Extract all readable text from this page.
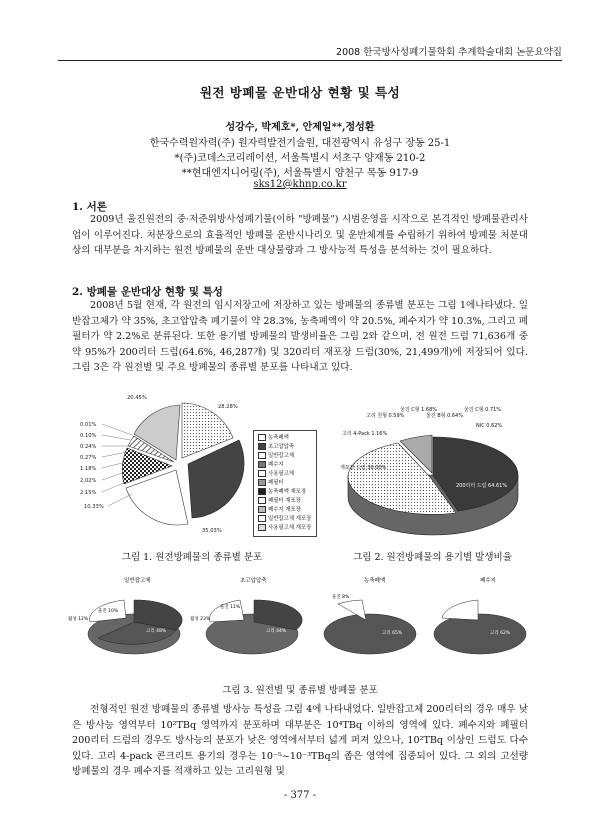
2008 한국방사성폐기물학회 추계학술대회 논문요약집
원전 방폐물 운반대상 현황 및 특성
성강수, 박제호*, 안제일**,정성환
한국수력원자력(주) 원자력발전기술원, 대전광역시 유성구 장동 25-1
*(주)코데스코리레이션, 서울특별시 서초구 양재동 210-2
**현대엔지니어링(주), 서울특별시 양천구 목동 917-9
sks12@khnp.co.kr
1. 서론

2009년 울진원전의 중·저준위방사성폐기물(이하 "방폐물") 시범운영을 시작으로 본격적인 방폐물관리사업이 이루어진다. 처분장으로의 효율적인 방폐물 운반시나리오 및 운반체계를 수립하기 위하여 방폐물 처분대상의 대부분을 차지하는 원전 방폐물의 운반 대상물량과 그 방사능적 특성을 분석하는 것이 필요하다.

2. 방폐물 운반대상 현황 및 특성

2008년 5월 현재, 각 원전의 임시저장고에 저장하고 있는 방폐물의 종류별 분포는 그림 1에나타냈다. 일반잡고체가 약 35%, 초고압압축 폐기물이 약 28.3%, 농축폐액이 약 20.5%, 폐수지가 약 10.3%, 그리고 폐필터가 약 2.2%로 분류된다. 또한 용기별 방폐물의 발생비율은 그림 2와 같으며, 전 원전 드럼 71,636개 중 약 95%가 200리터 드럼(64.6%, 46,287개) 및 320리터 재포장 드럼(30%, 21,499개)에 저장되어 있다. 그림 3은 각 원전별 및 주요 방폐물의 종류별 분포를 나타내고 있다.

20.45%
28.28%
0.01%
0.10%
0.24%
0.27%
1.18%
2.02%
2.15%
10.33%
35.03%
농축폐액
초고압압축
일반잡고체
폐수지
사용필고체
폐필터
농축폐액 재포장
폐필터 재포장
폐수지 재포장
일반잡고체 재포장
사용필고체 재포장
고리 원형 0.59%
울진 C형 1.68%
울진 B형 0.64%
울진 C형 0.71%
NIC 0.62%
고리 4-Pack 1.16%
재포장 드럼 30.00%
200리터 드럼 64.61%
그림 1. 원전방폐물의 종류별 분포	그림 2. 원전방폐물의 용기별 발생비율
일반잡고체
울진 10%
월성 12%
고리 48%
초고압압축
울진 11%
월성 23%
고리 44%
농축폐액
울진 8%
고리 65%
폐수지
고리 62%
그림 3. 원전별 및 종류별 방폐물 분포

전형적인 원전 방폐물의 종류별 방사능 특성을 그림 4에 나타내었다. 일반잡고체 200리터의 경우 매우 낮은 방사능 영역부터 10²TBq 영역까지 분포하며 대부분은 10⁴TBq 이하의 영역에 있다. 폐수지와 폐필터 200리터 드럼의 경우도 방사능의 분포가 낮은 영역에서부터 넓게 퍼져 있으나, 10²TBq 이상인 드럼도 다수 있다. 고리 4-pack 콘크리트 용기의 경우는 10⁻⁵~10⁻³TBq의 좁은 영역에 집중되어 있다. 그 외의 고선량 방폐물의 경우 폐수지를 적재하고 있는 고리원형 및

- 377 -
